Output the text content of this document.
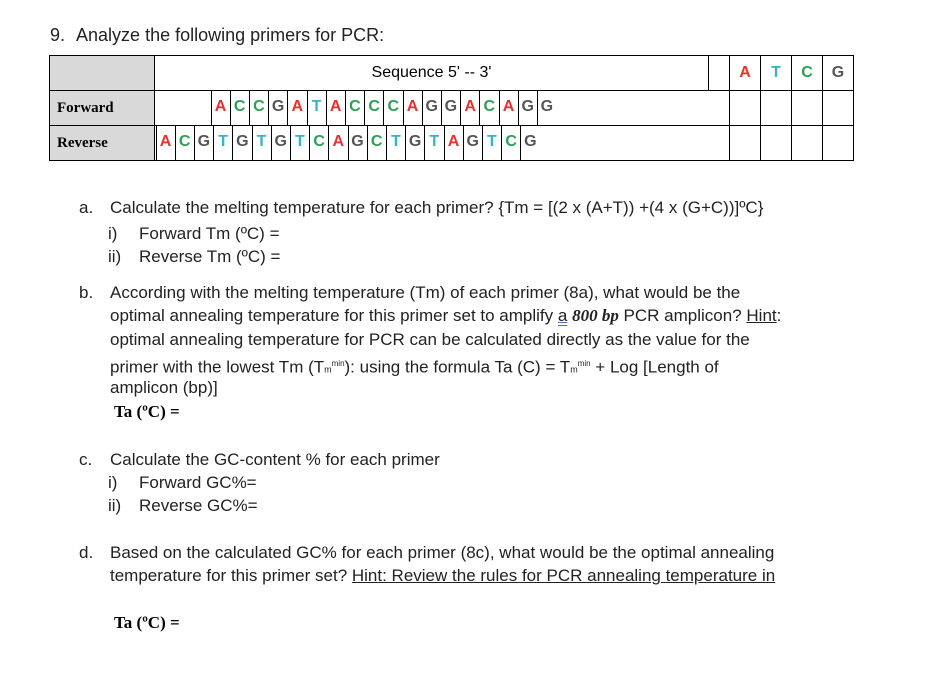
9. Analyze the following primers for PCR:
Sequence 5' -- 3'	A	T	C	G
Forward	A C C G A T A C C C A G G A C A G G
Reverse	A C G T G T G T C A G C T G T A G T C G
a. Calculate the melting temperature for each primer? {Tm = [(2 x (A+T)) +(4 x (G+C))]ºC}
i) Forward Tm (ºC) =
ii) Reverse Tm (ºC) =
b. According with the melting temperature (Tm) of each primer (8a), what would be the
optimal annealing temperature for this primer set to amplify a 800 bp PCR amplicon? Hint:
optimal annealing temperature for PCR can be calculated directly as the value for the
primer with the lowest Tm $(Tm^{min})$: using the formula Ta $(C) = Tm^{min}$ + Log [Length of
amplicon (bp)]
Ta (ºC) =
c. Calculate the GC-content % for each primer
i) Forward GC%=
ii) Reverse GC%=
d. Based on the calculated GC% for each primer (8c), what would be the optimal annealing
temperature for this primer set? Hint: Review the rules for PCR annealing temperature in
Ta (ºC) =
